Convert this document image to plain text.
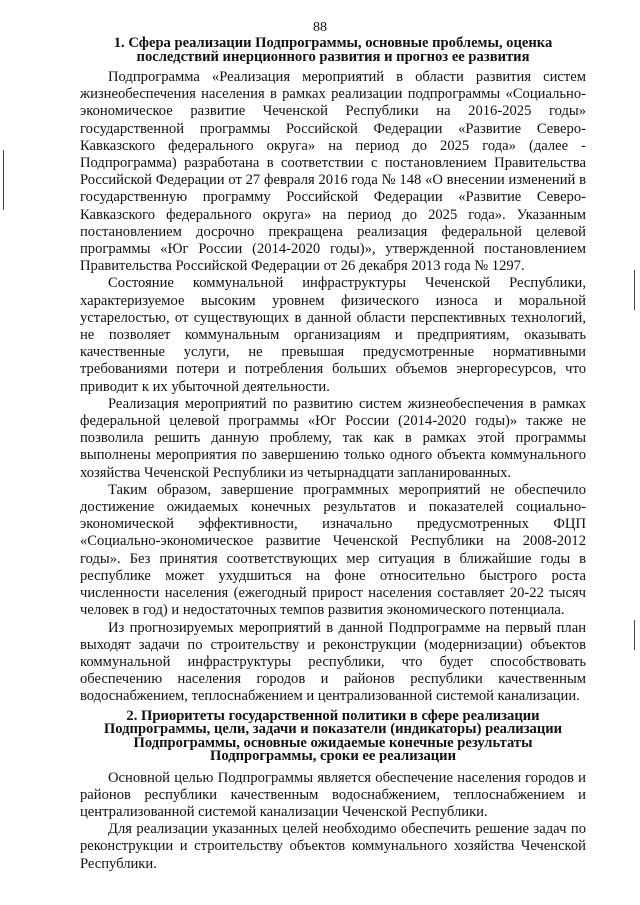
88

1. Сфера реализации Подпрограммы, основные проблемы, оценка последствий инерционного развития и прогноз ее развития

Подпрограмма «Реализация мероприятий в области развития систем жизнеобеспечения населения в рамках реализации подпрограммы «Социально-экономическое развитие Чеченской Республики на 2016-2025 годы» государственной программы Российской Федерации «Развитие Северо-Кавказского федерального округа» на период до 2025 года» (далее - Подпрограмма) разработана в соответствии с постановлением Правительства Российской Федерации от 27 февраля 2016 года № 148 «О внесении изменений в государственную программу Российской Федерации «Развитие Северо-Кавказского федерального округа» на период до 2025 года». Указанным постановлением досрочно прекращена реализация федеральной целевой программы «Юг России (2014-2020 годы)», утвержденной постановлением Правительства Российской Федерации от 26 декабря 2013 года № 1297.

Состояние коммунальной инфраструктуры Чеченской Республики, характеризуемое высоким уровнем физического износа и моральной устарелостью, от существующих в данной области перспективных технологий, не позволяет коммунальным организациям и предприятиям, оказывать качественные услуги, не превышая предусмотренные нормативными требованиями потери и потребления больших объемов энергоресурсов, что приводит к их убыточной деятельности.

Реализация мероприятий по развитию систем жизнеобеспечения в рамках федеральной целевой программы «Юг России (2014-2020 годы)» также не позволила решить данную проблему, так как в рамках этой программы выполнены мероприятия по завершению только одного объекта коммунального хозяйства Чеченской Республики из четырнадцати запланированных.

Таким образом, завершение программных мероприятий не обеспечило достижение ожидаемых конечных результатов и показателей социально-экономической эффективности, изначально предусмотренных ФЦП «Социально-экономическое развитие Чеченской Республики на 2008-2012 годы». Без принятия соответствующих мер ситуация в ближайшие годы в республике может ухудшиться на фоне относительно быстрого роста численности населения (ежегодный прирост населения составляет 20-22 тысяч человек в год) и недостаточных темпов развития экономического потенциала.

Из прогнозируемых мероприятий в данной Подпрограмме на первый план выходят задачи по строительству и реконструкции (модернизации) объектов коммунальной инфраструктуры республики, что будет способствовать обеспечению населения городов и районов республики качественным водоснабжением, теплоснабжением и централизованной системой канализации.

2. Приоритеты государственной политики в сфере реализации Подпрограммы, цели, задачи и показатели (индикаторы) реализации Подпрограммы, основные ожидаемые конечные результаты Подпрограммы, сроки ее реализации

Основной целью Подпрограммы является обеспечение населения городов и районов республики качественным водоснабжением, теплоснабжением и централизованной системой канализации Чеченской Республики.

Для реализации указанных целей необходимо обеспечить решение задач по реконструкции и строительству объектов коммунального хозяйства Чеченской Республики.
